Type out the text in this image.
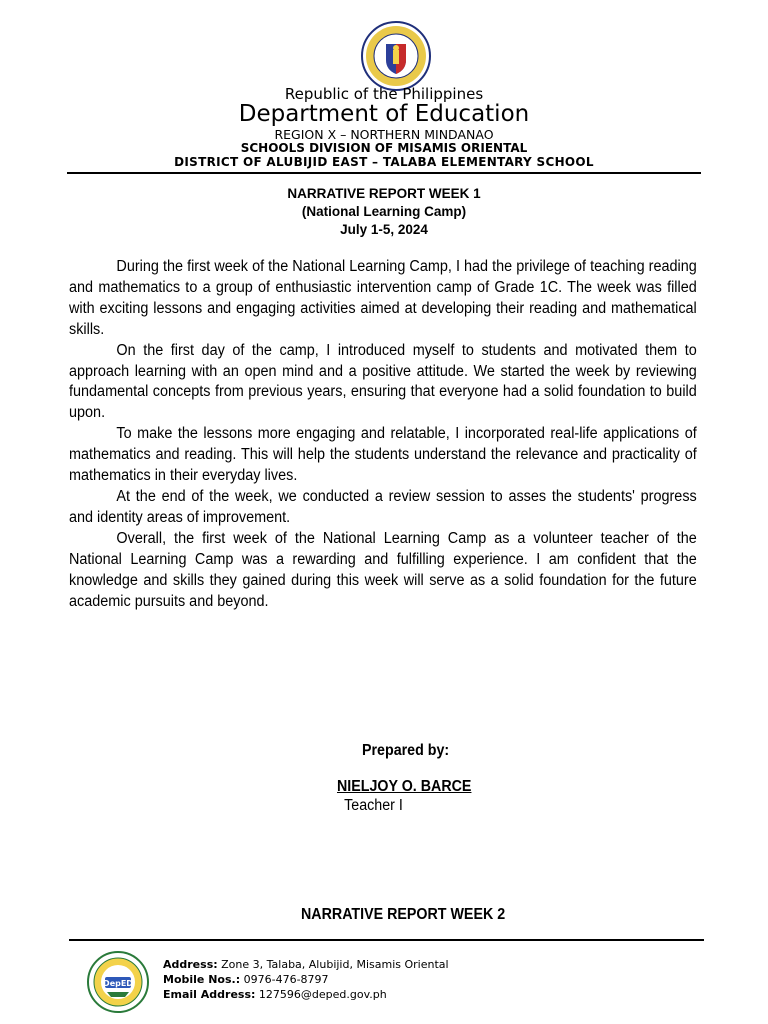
Republic of the Philippines
Department of Education
REGION X – NORTHERN MINDANAO
SCHOOLS DIVISION OF MISAMIS ORIENTAL
DISTRICT OF ALUBIJID EAST – TALABA ELEMENTARY SCHOOL
NARRATIVE REPORT WEEK 1
(National Learning Camp)
July 1-5, 2024

During the first week of the National Learning Camp, I had the privilege of teaching reading and mathematics to a group of enthusiastic intervention camp of Grade 1C. The week was filled with exciting lessons and engaging activities aimed at developing their reading and mathematical skills.

On the first day of the camp, I introduced myself to students and motivated them to approach learning with an open mind and a positive attitude. We started the week by reviewing fundamental concepts from previous years, ensuring that everyone had a solid foundation to build upon.

To make the lessons more engaging and relatable, I incorporated real-life applications of mathematics and reading. This will help the students understand the relevance and practicality of mathematics in their everyday lives.

At the end of the week, we conducted a review session to asses the students' progress and identity areas of improvement.

Overall, the first week of the National Learning Camp as a volunteer teacher of the National Learning Camp was a rewarding and fulfilling experience. I am confident that the knowledge and skills they gained during this week will serve as a solid foundation for the future academic pursuits and beyond.

Prepared by:
NIELJOY O. BARCE
Teacher I
NARRATIVE REPORT WEEK 2
DepED
Address: Zone 3, Talaba, Alubijid, Misamis Oriental
Mobile Nos.: 0976-476-8797
Email Address: 127596@deped.gov.ph
